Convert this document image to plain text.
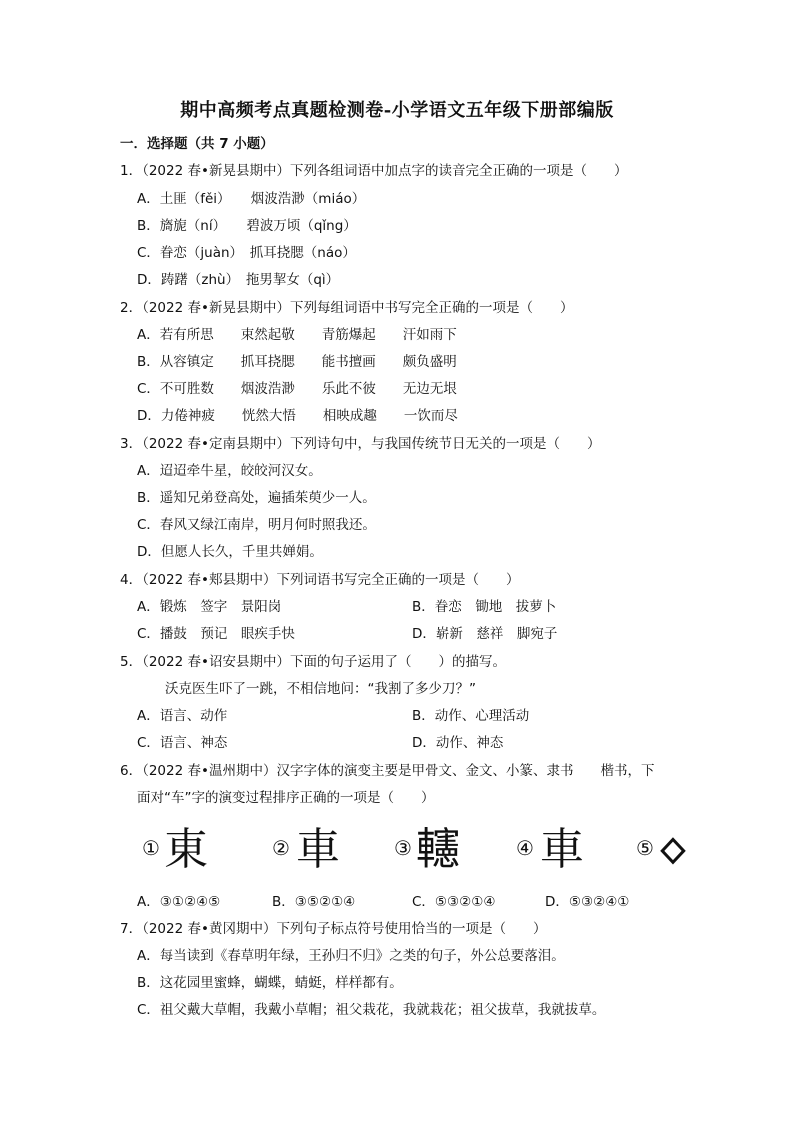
期中高频考点真题检测卷-小学语文五年级下册部编版
一．选择题（共 7 小题）
1．（2022 春•新晃县期中）下列各组词语中加点字的读音完全正确的一项是（　　）
A．土匪（fěi）　　烟波浩渺（miáo）
B．旖旎（ní）　　碧波万顷（qǐng）
C．眷恋（juàn）　抓耳挠腮（náo）
D．踌躇（zhù）　拖男挈女（qì）
2．（2022 春•新晃县期中）下列每组词语中书写完全正确的一项是（　　）
A．若有所思　　束然起敬　　青筋爆起　　汗如雨下
B．从容镇定　　抓耳挠腮　　能书擅画　　颇负盛明
C．不可胜数　　烟波浩渺　　乐此不彼　　无边无垠
D．力倦神疲　　恍然大悟　　相映成趣　　一饮而尽
3．（2022 春•定南县期中）下列诗句中，与我国传统节日无关的一项是（　　）
A．迢迢牵牛星，皎皎河汉女。
B．遥知兄弟登高处，遍插茱萸少一人。
C．春风又绿江南岸，明月何时照我还。
D．但愿人长久，千里共婵娟。
4．（2022 春•郏县期中）下列词语书写完全正确的一项是（　　）
A．锻炼　签字　景阳岗	B．眷恋　锄地　拔萝卜
C．播鼓　预记　眼疾手快	D．崭新　慈祥　脚宛子
5．（2022 春•诏安县期中）下面的句子运用了（　　）的描写。
沃克医生吓了一跳，不相信地问：“我割了多少刀？”
A．语言、动作	B．动作、心理活动
C．语言、神态	D．动作、神态
6．（2022 春•温州期中）汉字字体的演变主要是甲骨文、金文、小篆、隶书　　楷书，下
面对“车”字的演变过程排序正确的一项是（　　）
① 東	② 車	③ 𨏥	④ 車	⑤ 🝔
A．③①②④⑤	B．③⑤②①④	C．⑤③②①④	D．⑤③②④①
7．（2022 春•黄冈期中）下列句子标点符号使用恰当的一项是（　　）
A．每当读到《春草明年绿，王孙归不归》之类的句子，外公总要落泪。
B．这花园里蜜蜂，蝴蝶，蜻蜓，样样都有。
C．祖父戴大草帽，我戴小草帽；祖父栽花，我就栽花；祖父拔草，我就拔草。
